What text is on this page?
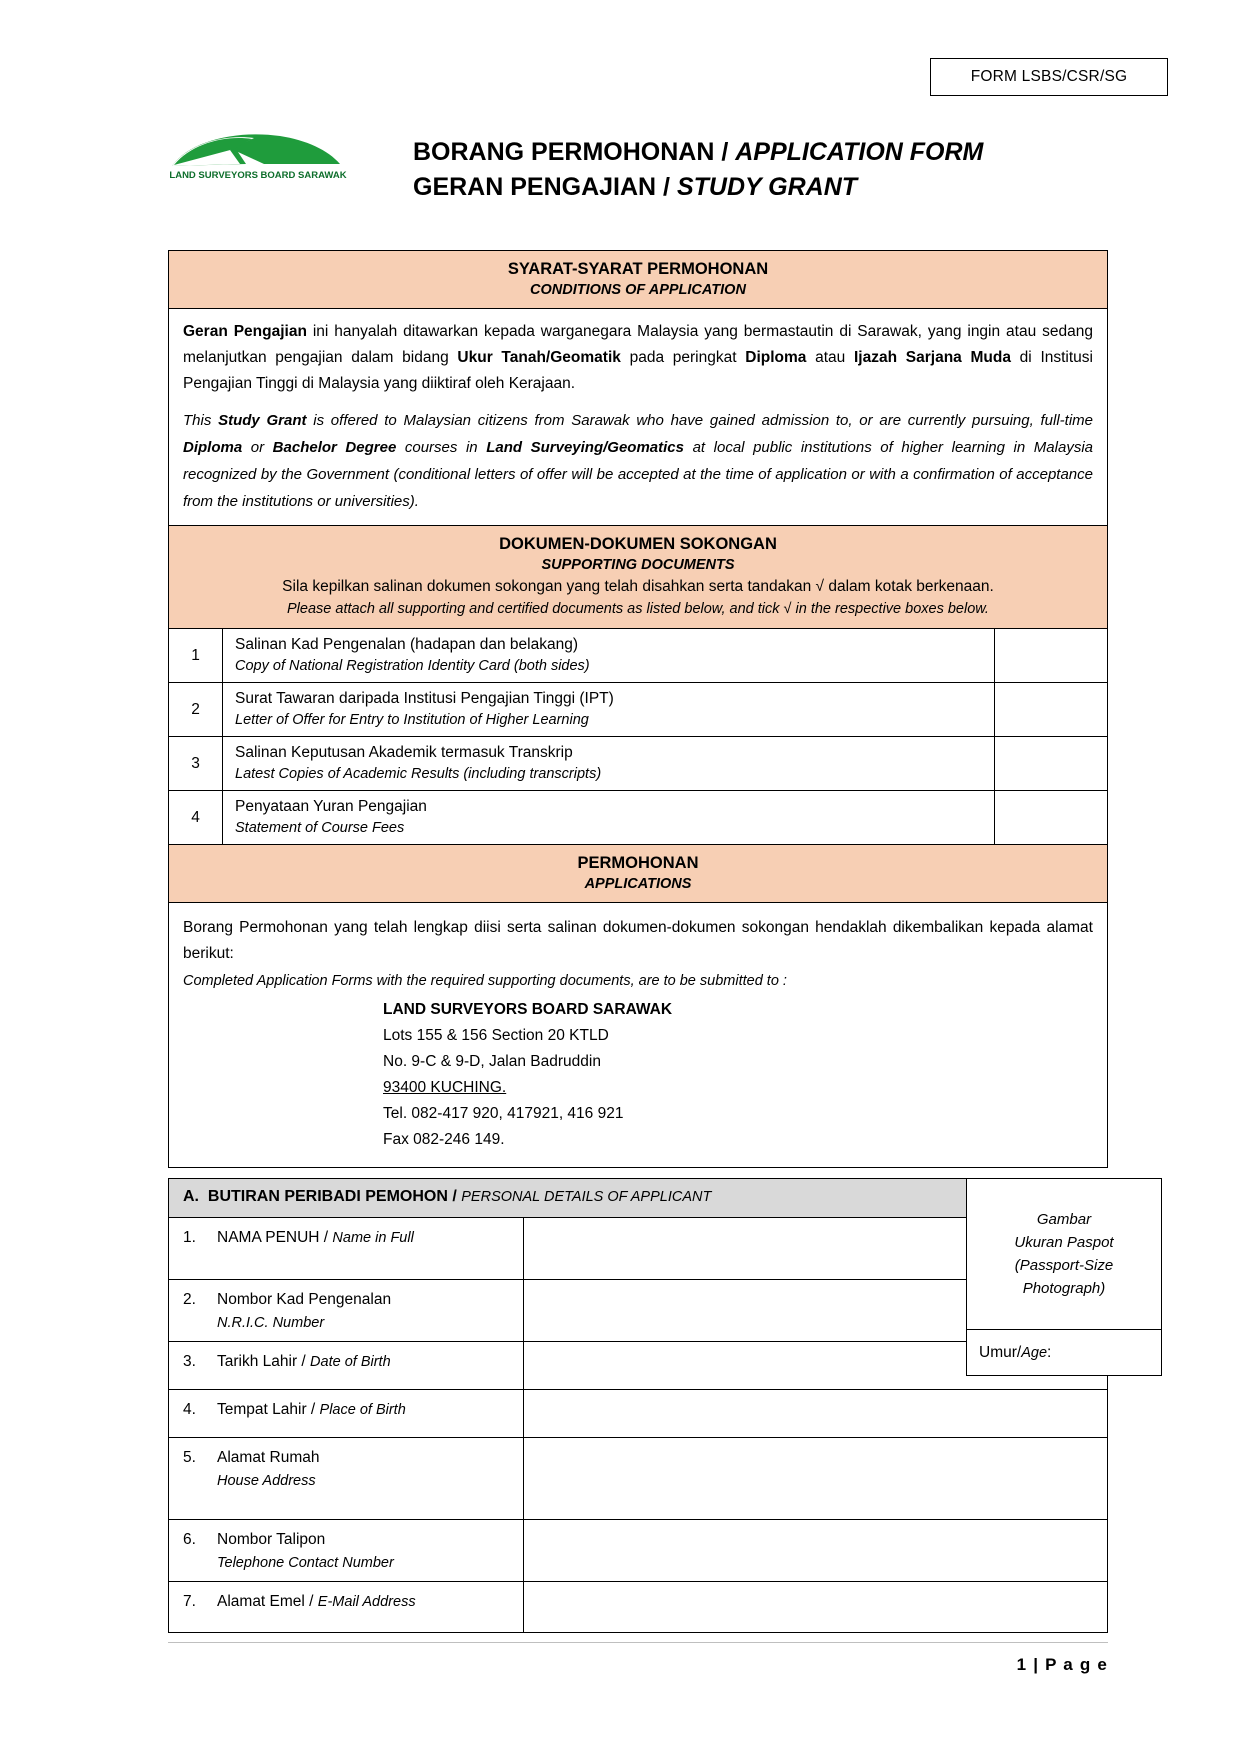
FORM LSBS/CSR/SG
LAND SURVEYORS BOARD SARAWAK
BORANG PERMOHONAN / APPLICATION FORM
GERAN PENGAJIAN / STUDY GRANT
SYARAT-SYARAT PERMOHONAN
CONDITIONS OF APPLICATION

Geran Pengajian ini hanyalah ditawarkan kepada warganegara Malaysia yang bermastautin di Sarawak, yang ingin atau sedang melanjutkan pengajian dalam bidang Ukur Tanah/Geomatik pada peringkat Diploma atau Ijazah Sarjana Muda di Institusi Pengajian Tinggi di Malaysia yang diiktiraf oleh Kerajaan.

This Study Grant is offered to Malaysian citizens from Sarawak who have gained admission to, or are currently pursuing, full-time Diploma or Bachelor Degree courses in Land Surveying/Geomatics at local public institutions of higher learning in Malaysia recognized by the Government (conditional letters of offer will be accepted at the time of application or with a confirmation of acceptance from the institutions or universities).

DOKUMEN-DOKUMEN SOKONGAN
SUPPORTING DOCUMENTS
Sila kepilkan salinan dokumen sokongan yang telah disahkan serta tandakan √ dalam kotak berkenaan.
Please attach all supporting and certified documents as listed below, and tick √ in the respective boxes below.
1
Salinan Kad Pengenalan (hadapan dan belakang)
Copy of National Registration Identity Card (both sides)
2
Surat Tawaran daripada Institusi Pengajian Tinggi (IPT)
Letter of Offer for Entry to Institution of Higher Learning
3
Salinan Keputusan Akademik termasuk Transkrip
Latest Copies of Academic Results (including transcripts)
4
Penyataan Yuran Pengajian
Statement of Course Fees
PERMOHONAN
APPLICATIONS
Borang Permohonan yang telah lengkap diisi serta salinan dokumen-dokumen sokongan hendaklah dikembalikan kepada alamat berikut:
Completed Application Forms with the required supporting documents, are to be submitted to :
LAND SURVEYORS BOARD SARAWAK
Lots 155 & 156 Section 20 KTLD
No. 9-C & 9-D, Jalan Badruddin
93400 KUCHING.
Tel. 082-417 920, 417921, 416 921
Fax 082-246 149.
Gambar
Ukuran Paspot
(Passport-Size
Photograph)
Umur / Age :
A. BUTIRAN PERIBADI PEMOHON / PERSONAL DETAILS OF APPLICANT
1.	NAMA PENUH / Name in Full
2.	Nombor Kad Pengenalan
N.R.I.C. Number
3.	Tarikh Lahir / Date of Birth
4.	Tempat Lahir / Place of Birth
5.	Alamat Rumah
House Address
6.	Nombor Talipon
Telephone Contact Number
7.	Alamat Emel / E-Mail Address
1 | P a g e
